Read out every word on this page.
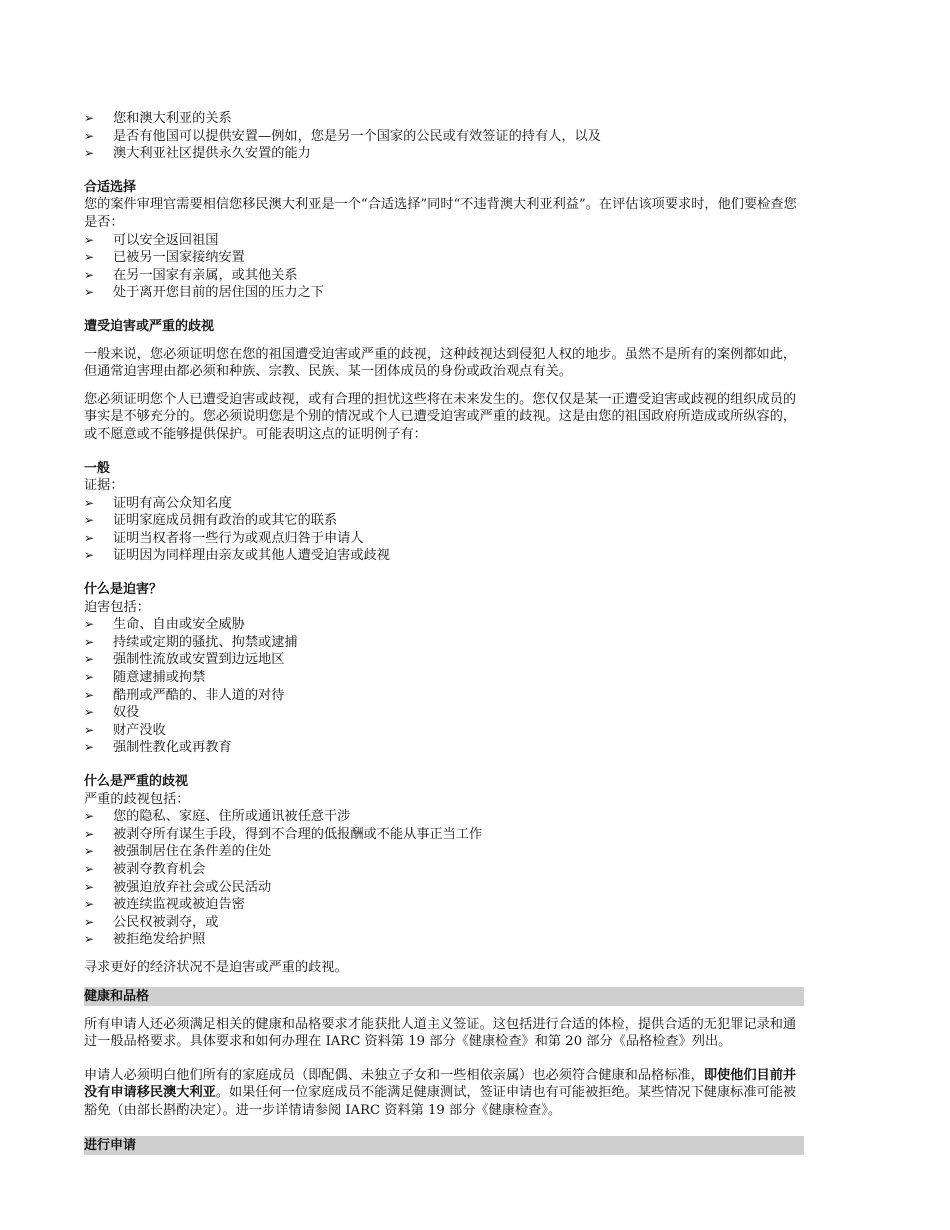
➢	您和澳大利亚的关系
➢	是否有他国可以提供安置—例如，您是另一个国家的公民或有效签证的持有人，以及
➢	澳大利亚社区提供永久安置的能力
合适选择

您的案件审理官需要相信您移民澳大利亚是一个“合适选择”同时“不违背澳大利亚利益”。在评估该项要求时，他们要检查您是否：

➢	可以安全返回祖国
➢	已被另一国家接纳安置
➢	在另一国家有亲属，或其他关系
➢	处于离开您目前的居住国的压力之下
遭受迫害或严重的歧视

一般来说，您必须证明您在您的祖国遭受迫害或严重的歧视，这种歧视达到侵犯人权的地步。虽然不是所有的案例都如此，但通常迫害理由都必须和种族、宗教、民族、某一团体成员的身份或政治观点有关。

您必须证明您个人已遭受迫害或歧视，或有合理的担忧这些将在未来发生的。您仅仅是某一正遭受迫害或歧视的组织成员的事实是不够充分的。您必须说明您是个别的情况或个人已遭受迫害或严重的歧视。这是由您的祖国政府所造成或所纵容的，或不愿意或不能够提供保护。可能表明这点的证明例子有：

一般
证据：
➢	证明有高公众知名度
➢	证明家庭成员拥有政治的或其它的联系
➢	证明当权者将一些行为或观点归咎于申请人
➢	证明因为同样理由亲友或其他人遭受迫害或歧视
什么是迫害？
迫害包括：
➢	生命、自由或安全威胁
➢	持续或定期的骚扰、拘禁或逮捕
➢	强制性流放或安置到边远地区
➢	随意逮捕或拘禁
➢	酷刑或严酷的、非人道的对待
➢	奴役
➢	财产没收
➢	强制性教化或再教育
什么是严重的歧视
严重的歧视包括：
➢	您的隐私、家庭、住所或通讯被任意干涉
➢	被剥夺所有谋生手段，得到不合理的低报酬或不能从事正当工作
➢	被强制居住在条件差的住处
➢	被剥夺教育机会
➢	被强迫放弃社会或公民活动
➢	被连续监视或被迫告密
➢	公民权被剥夺，或
➢	被拒绝发给护照

寻求更好的经济状况不是迫害或严重的歧视。

健康和品格

所有申请人还必须满足相关的健康和品格要求才能获批人道主义签证。这包括进行合适的体检，提供合适的无犯罪记录和通过一般品格要求。具体要求和如何办理在 IARC 资料第 19 部分《健康检查》和第 20 部分《品格检查》列出。

申请人必须明白他们所有的家庭成员（即配偶、未独立子女和一些相依亲属）也必须符合健康和品格标准，即使他们目前并没有申请移民澳大利亚。如果任何一位家庭成员不能满足健康测试，签证申请也有可能被拒绝。某些情况下健康标准可能被豁免（由部长斟酌决定）。进一步详情请参阅 IARC 资料第 19 部分《健康检查》。

进行申请
